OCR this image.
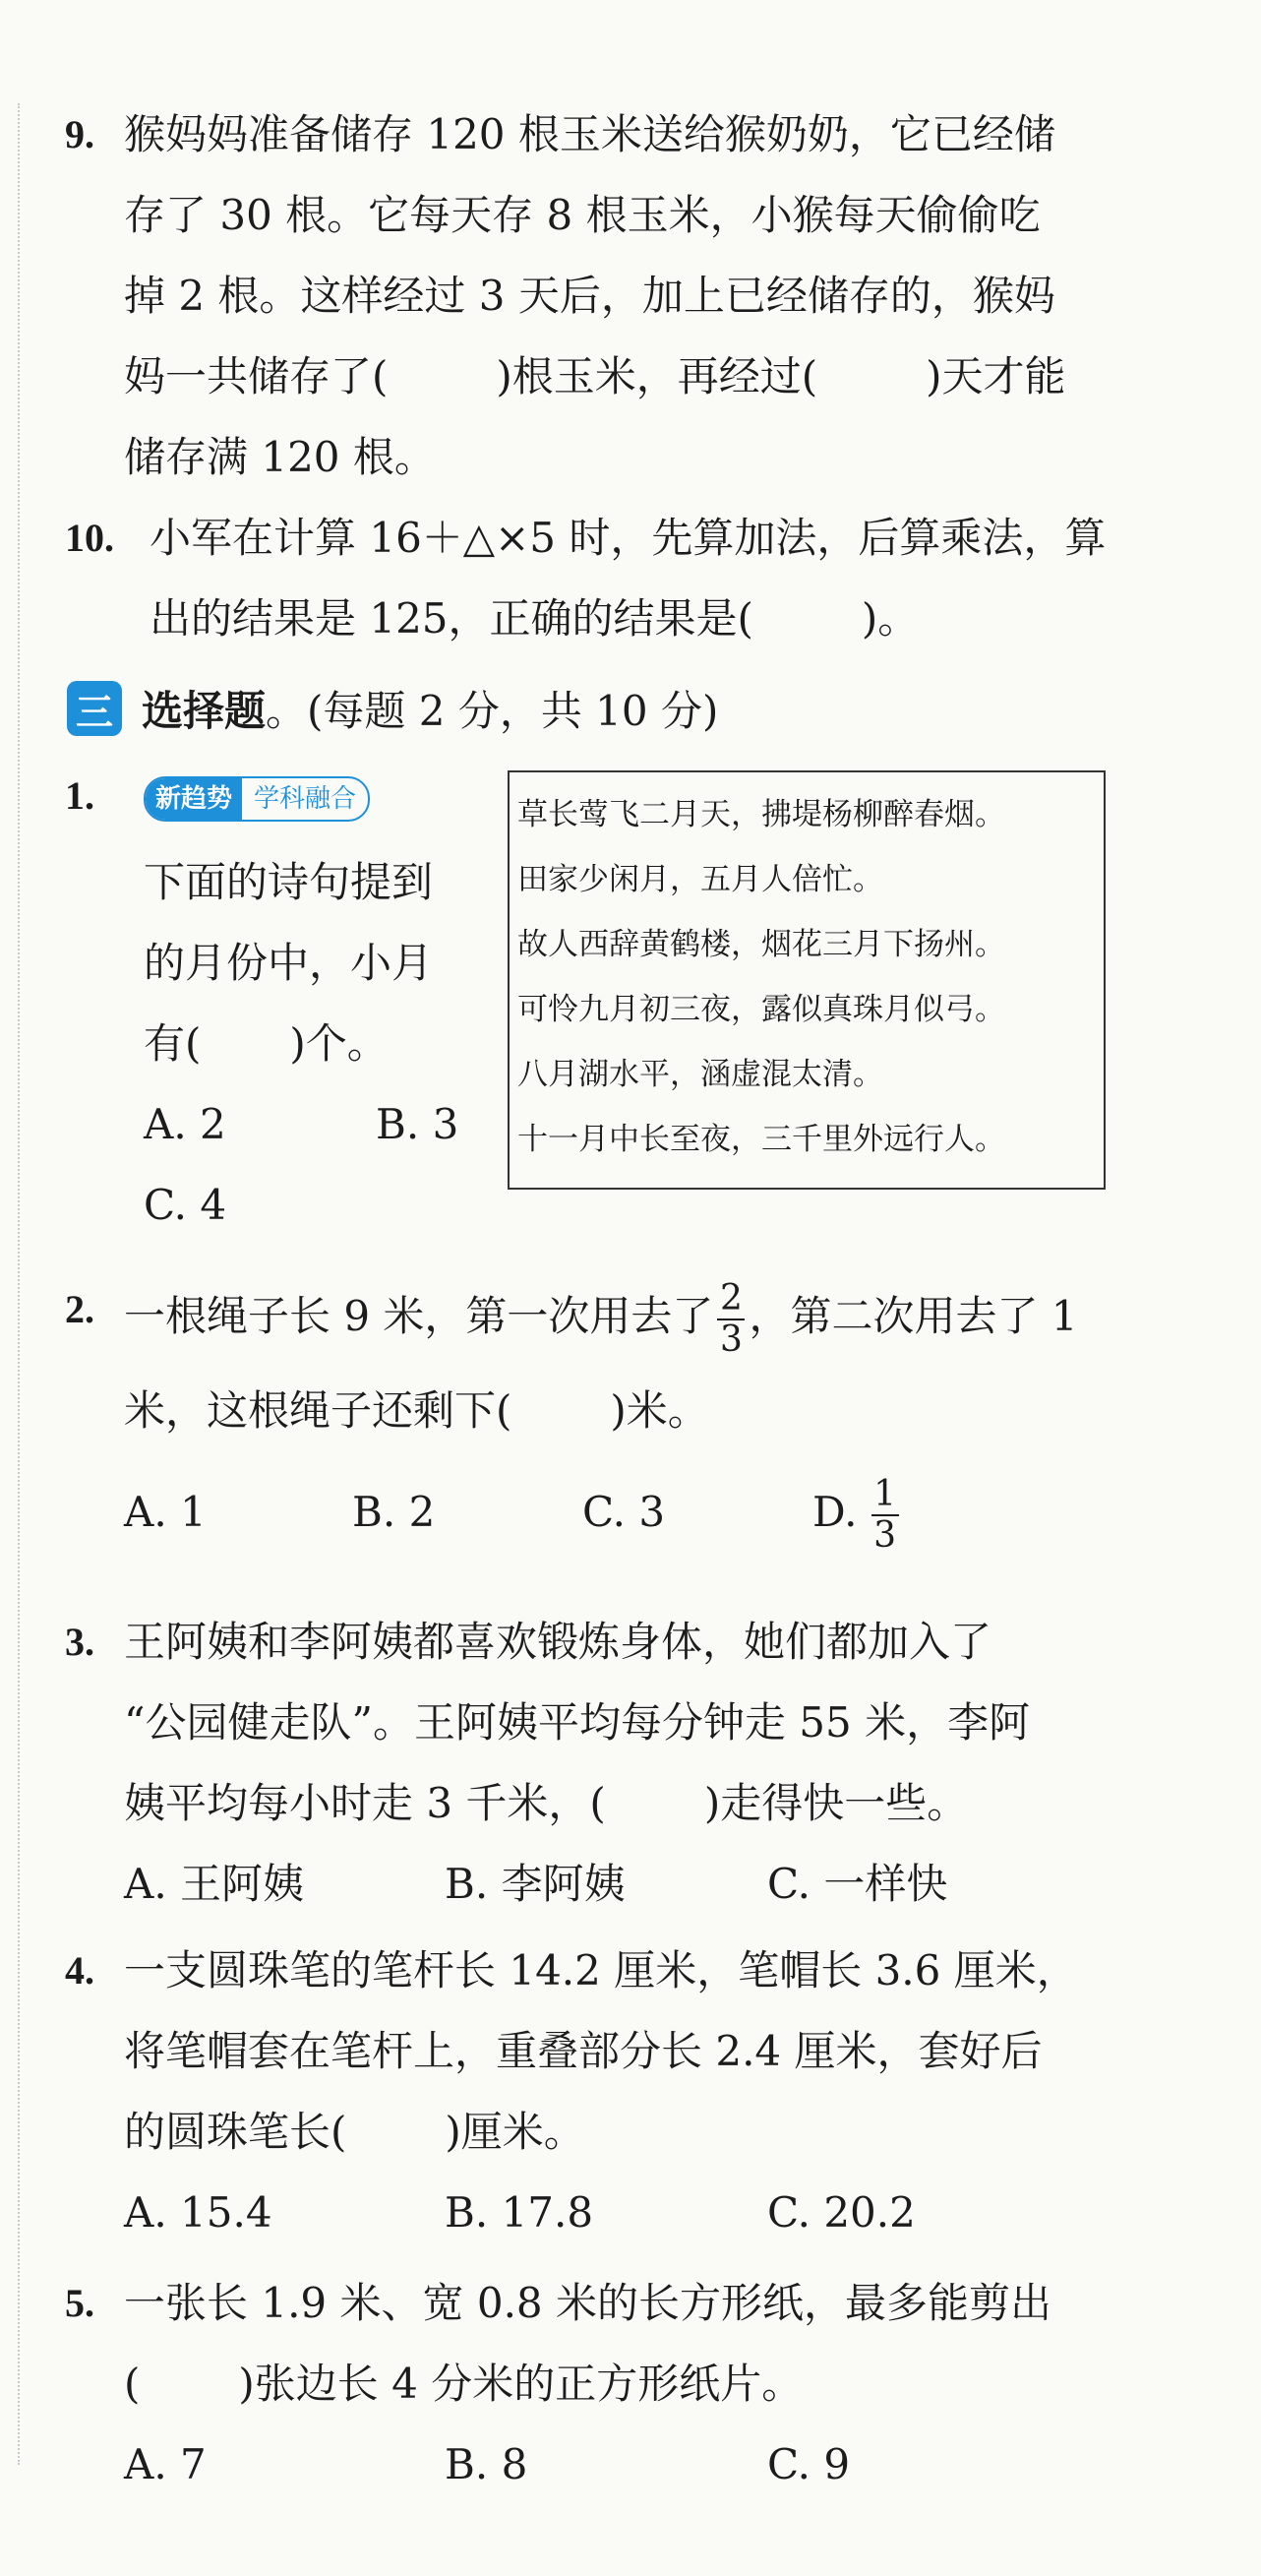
9. 猴妈妈准备储存 120 根玉米送给猴奶奶，它已经储
存了 30 根。它每天存 8 根玉米，小猴每天偷偷吃
掉 2 根。这样经过 3 天后，加上已经储存的，猴妈
妈一共储存了(	)根玉米，再经过(	)天才能
储存满 120 根。
10. 小军在计算 16＋△×5 时，先算加法，后算乘法，算
出的结果是 125，正确的结果是(	)。
三 选择题 。(每题 2 分，共 10 分)
1.	新趋势 学科融合
下面的诗句提到
的月份中，小月
有( )个。
A. 2	B. 3
C. 4
草长莺飞二月天，拂堤杨柳醉春烟。
田家少闲月，五月人倍忙。
故人西辞黄鹤楼，烟花三月下扬州。
可怜九月初三夜，露似真珠月似弓。
八月湖水平，涵虚混太清。
十一月中长至夜，三千里外远行人。
2. 一根绳子长 9 米，第一次用去了 $\frac{2}{3}$ ，第二次用去了 1
米，这根绳子还剩下( )米。
A. 1	B. 2	C. 3	D. $\frac{1}{3}$
3. 王阿姨和李阿姨都喜欢锻炼身体，她们都加入了
“公园健走队”。王阿姨平均每分钟走 55 米，李阿
姨平均每小时走 3 千米，( )走得快一些。
A. 王阿姨	B. 李阿姨	C. 一样快
4. 一支圆珠笔的笔杆长 14.2 厘米，笔帽长 3.6 厘米，
将笔帽套在笔杆上，重叠部分长 2.4 厘米，套好后
的圆珠笔长( )厘米。
A. 15.4	B. 17.8	C. 20.2
5. 一张长 1.9 米、宽 0.8 米的长方形纸，最多能剪出
( )张边长 4 分米的正方形纸片。
A. 7	B. 8	C. 9
